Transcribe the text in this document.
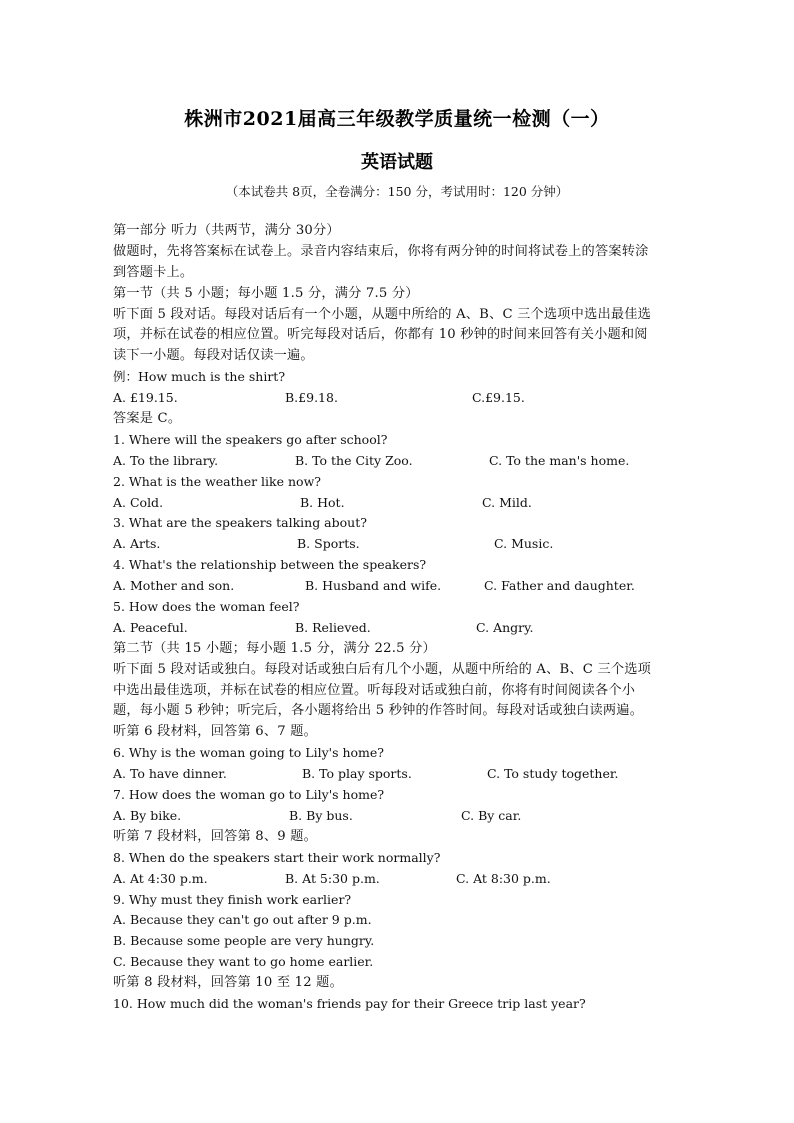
株洲市2021届高三年级教学质量统一检测（一）
英语试题
（本试卷共 8页，全卷满分：150 分，考试用时：120 分钟）
第一部分 听力（共两节，满分 30分）
做题时，先将答案标在试卷上。录音内容结束后，你将有两分钟的时间将试卷上的答案转涂
到答题卡上。
第一节（共 5 小题；每小题 1.5 分，满分 7.5 分）
听下面 5 段对话。每段对话后有一个小题，从题中所给的 A、B、C 三个选项中选出最佳选
项，并标在试卷的相应位置。听完每段对话后，你都有 10 秒钟的时间来回答有关小题和阅
读下一小题。每段对话仅读一遍。
例：How much is the shirt?
A. £19.15.	B.£9.18.	C.£9.15.
答案是 C。
1. Where will the speakers go after school?
A. To the library.	B. To the City Zoo.	C. To the man's home.
2. What is the weather like now?
A. Cold.	B. Hot.	C. Mild.
3. What are the speakers talking about?
A. Arts.	B. Sports.	C. Music.
4. What's the relationship between the speakers?
A. Mother and son.	B. Husband and wife.	C. Father and daughter.
5. How does the woman feel?
A. Peaceful.	B. Relieved.	C. Angry.
第二节（共 15 小题；每小题 1.5 分，满分 22.5 分）
听下面 5 段对话或独白。每段对话或独白后有几个小题，从题中所给的 A、B、C 三个选项
中选出最佳选项，并标在试卷的相应位置。听每段对话或独白前，你将有时间阅读各个小
题，每小题 5 秒钟；听完后，各小题将给出 5 秒钟的作答时间。每段对话或独白读两遍。
听第 6 段材料，回答第 6、7 题。
6. Why is the woman going to Lily's home?
A. To have dinner.	B. To play sports.	C. To study together.
7. How does the woman go to Lily's home?
A. By bike.	B. By bus.	C. By car.
听第 7 段材料，回答第 8、9 题。
8. When do the speakers start their work normally?
A. At 4:30 p.m.	B. At 5:30 p.m.	C. At 8:30 p.m.
9. Why must they finish work earlier?
A. Because they can't go out after 9 p.m.
B. Because some people are very hungry.
C. Because they want to go home earlier.
听第 8 段材料，回答第 10 至 12 题。
10. How much did the woman's friends pay for their Greece trip last year?
